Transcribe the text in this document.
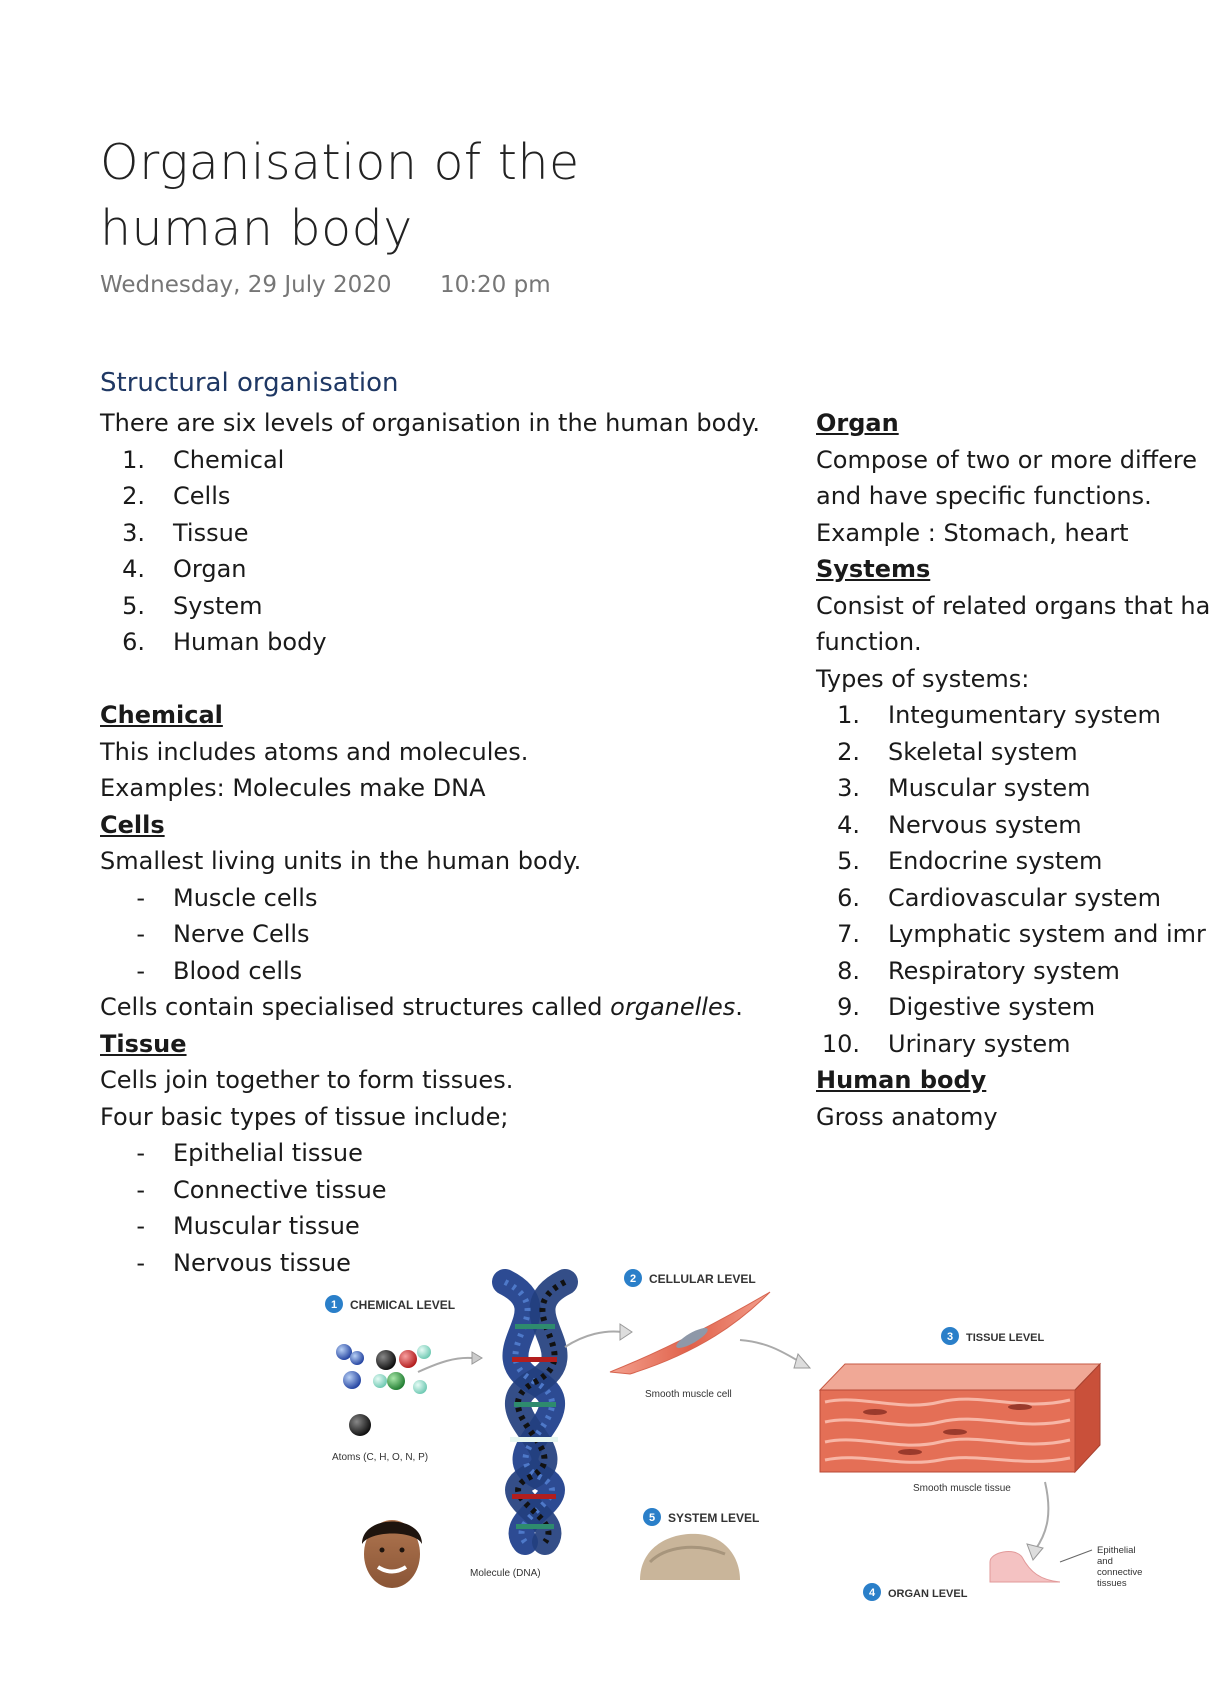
Organisation of the human body
Wednesday, 29 July 2020 10:20 pm
Structural organisation
There are six levels of organisation in the human body.
1. Chemical
2. Cells
3. Tissue
4. Organ
5. System
6. Human body
Chemical
This includes atoms and molecules.
Examples: Molecules make DNA
Cells
Smallest living units in the human body.
- Muscle cells
- Nerve Cells
- Blood cells
Cells contain specialised structures called organelles.
Tissue
Cells join together to form tissues.
Four basic types of tissue include;
- Epithelial tissue
- Connective tissue
- Muscular tissue
- Nervous tissue
Organ
Compose of two or more differe
and have specific functions.
Example : Stomach, heart
Systems
Consist of related organs that ha
function.
Types of systems:
1. Integumentary system
2. Skeletal system
3. Muscular system
4. Nervous system
5. Endocrine system
6. Cardiovascular system
7. Lymphatic system and imr
8. Respiratory system
9. Digestive system
10. Urinary system
Human body
Gross anatomy
1 CHEMICAL LEVEL
Atoms (C, H, O, N, P)
Molecule (DNA)
2 CELLULAR LEVEL
Smooth muscle cell
3 TISSUE LEVEL
Smooth muscle tissue
Epithelial
and
connective
tissues
4 ORGAN LEVEL
5 SYSTEM LEVEL
